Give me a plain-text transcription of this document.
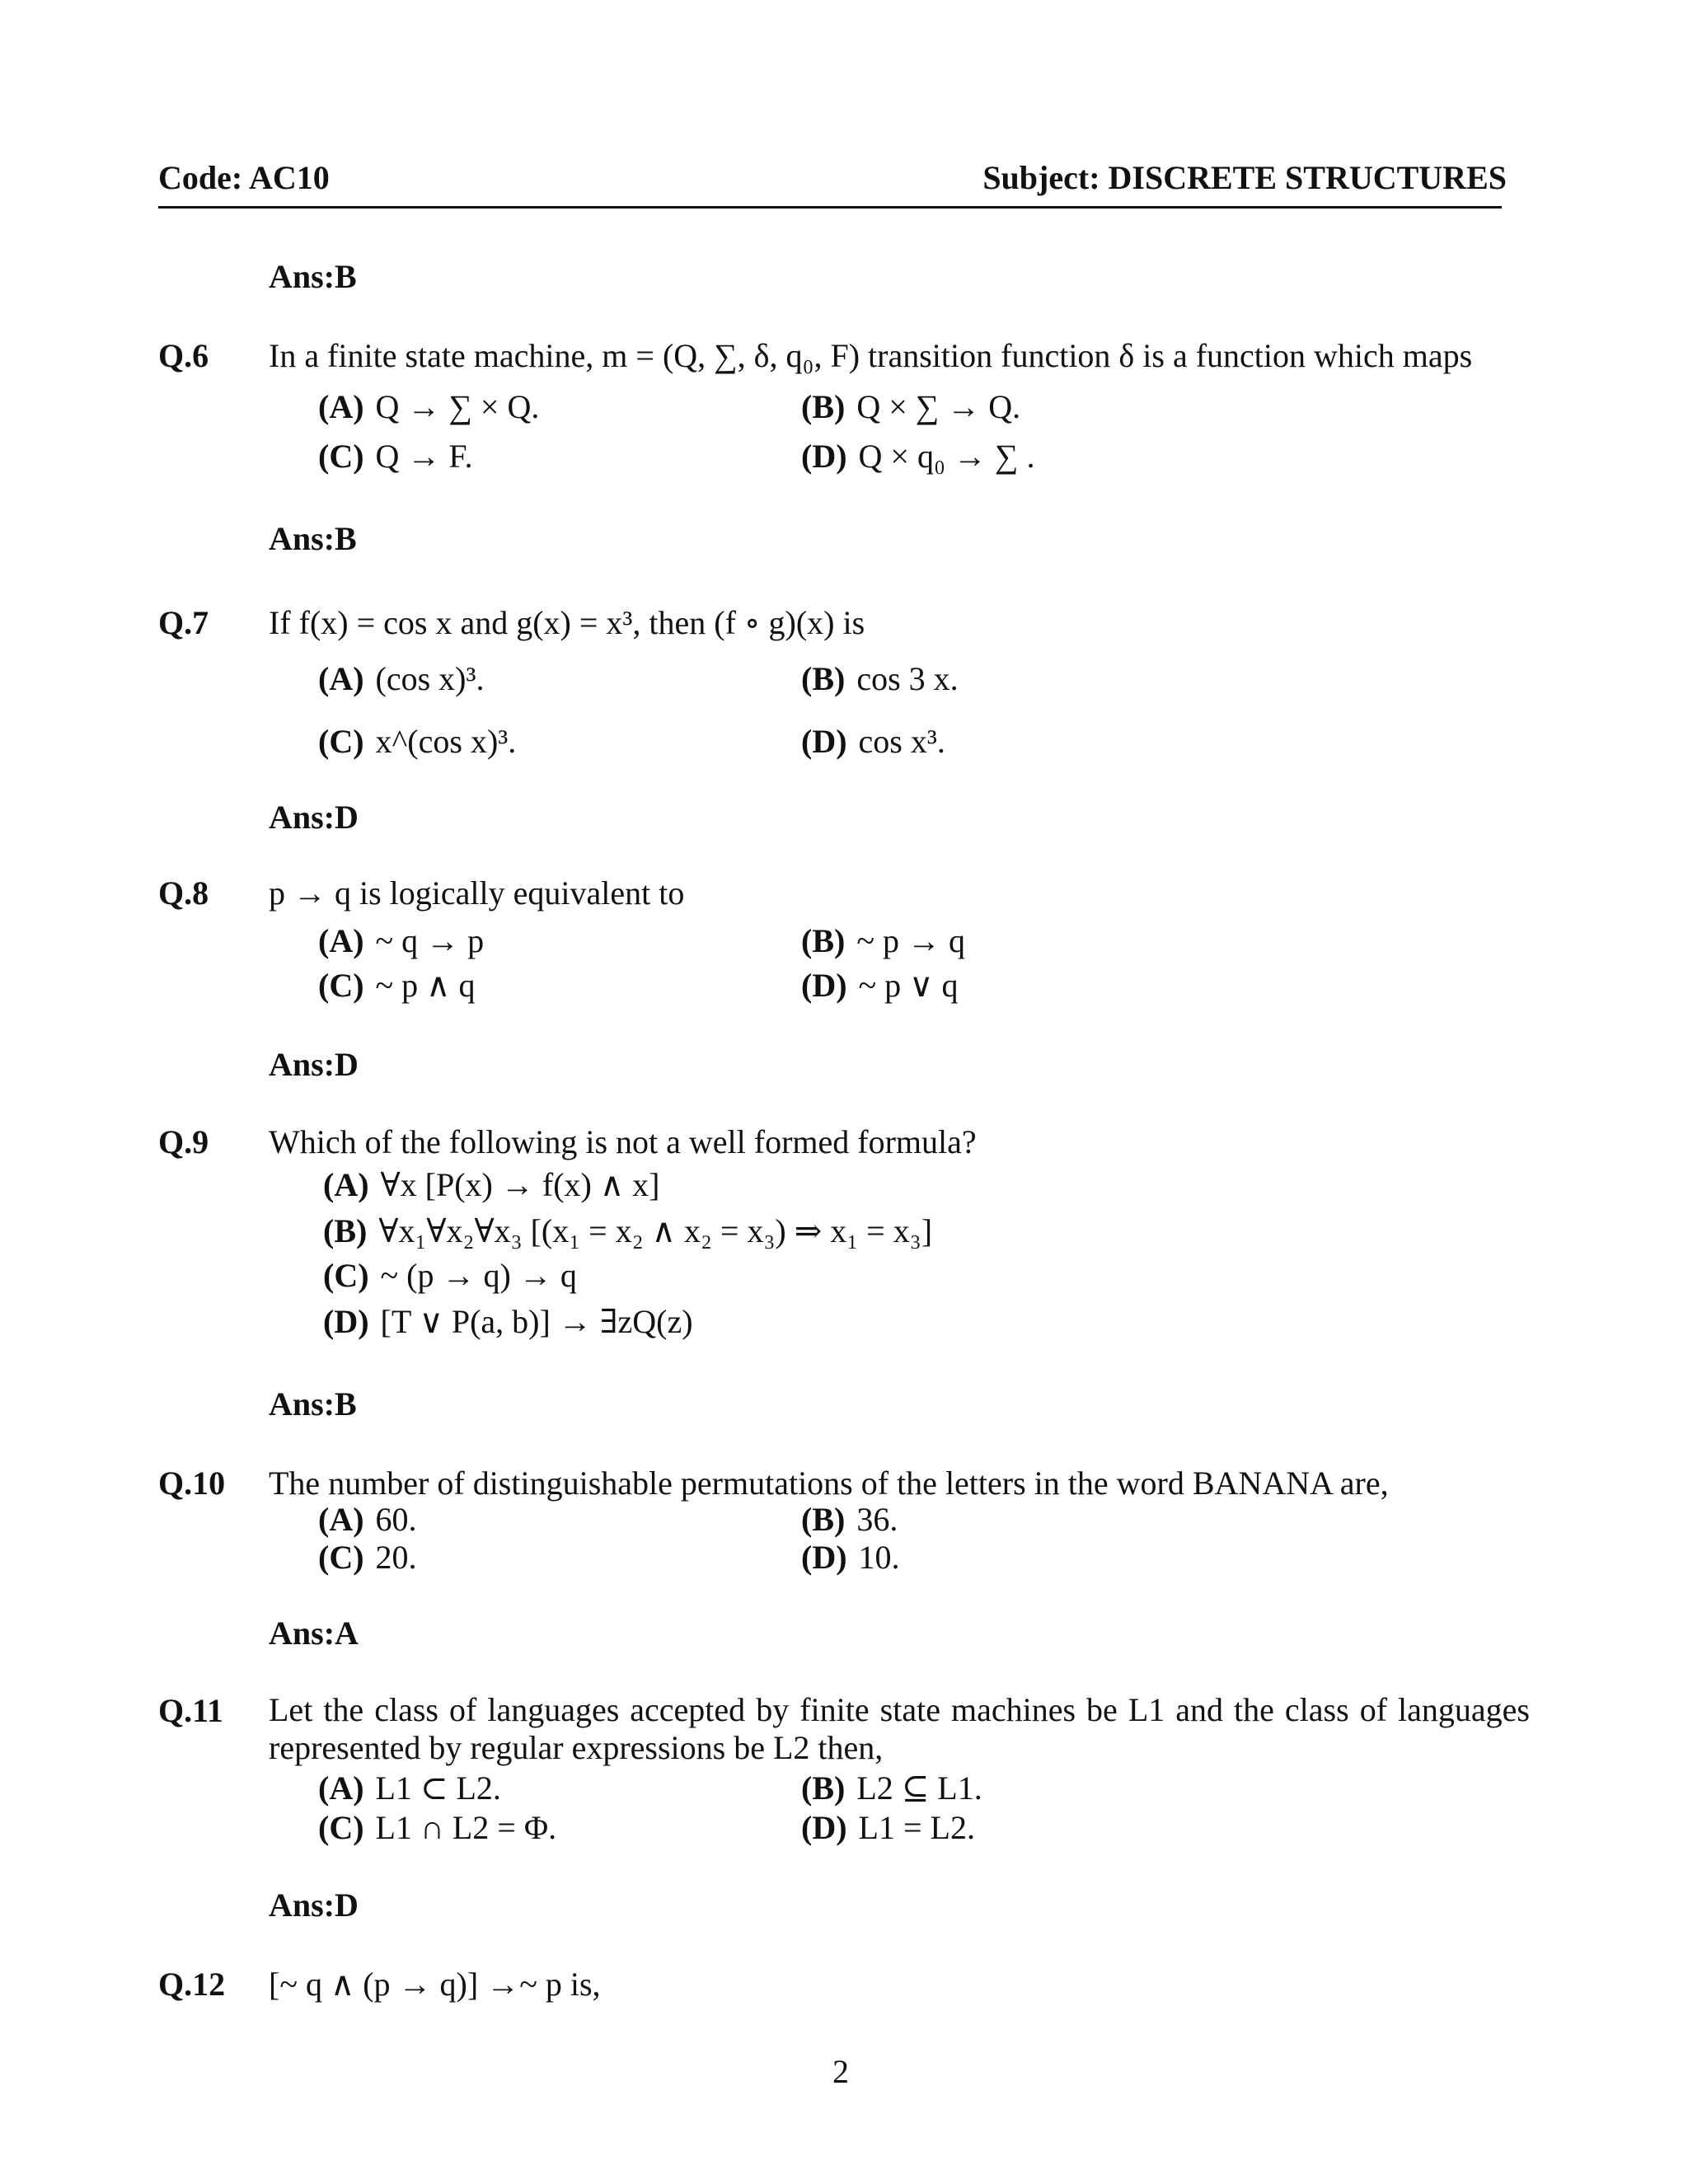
Code: AC10	Subject: DISCRETE STRUCTURES
Ans:B
Q.6 In a finite state machine, m = (Q, ∑, δ, q₀, F) transition function δ is a function which maps
(A) Q → ∑ × Q.	(B) Q × ∑ → Q.
(C) Q → F.	(D) Q × q₀ → ∑ .
Ans:B
Q.7 If f(x) = cos x and g(x) = x³, then (f ∘ g)(x) is
(A) (cos x)³.	(B) cos 3 x.
(C) x^(cos x)³.	(D) cos x³.
Ans:D
Q.8 p → q is logically equivalent to
(A) ~ q → p	(B) ~ p → q
(C) ~ p ∧ q	(D) ~ p ∨ q
Ans:D
Q.9 Which of the following is not a well formed formula?
(A) ∀x [P(x) → f(x) ∧ x]
(B) ∀x₁∀x₂∀x₃ [(x₁ = x₂ ∧ x₂ = x₃) ⇒ x₁ = x₃]
(C) ~ (p → q) → q
(D) [T ∨ P(a, b)] → ∃zQ(z)
Ans:B
Q.10 The number of distinguishable permutations of the letters in the word BANANA are,
(A) 60.	(B) 36.
(C) 20.	(D) 10.
Ans:A
Q.11 Let the class of languages accepted by finite state machines be L1 and the class of languages represented by regular expressions be L2 then,
(A) L1 ⊂ L2.	(B) L2 ⊆ L1.
(C) L1 ∩ L2 = Φ.	(D) L1 = L2.
Ans:D
Q.12 [~ q ∧ (p → q)] →~ p is,
2
